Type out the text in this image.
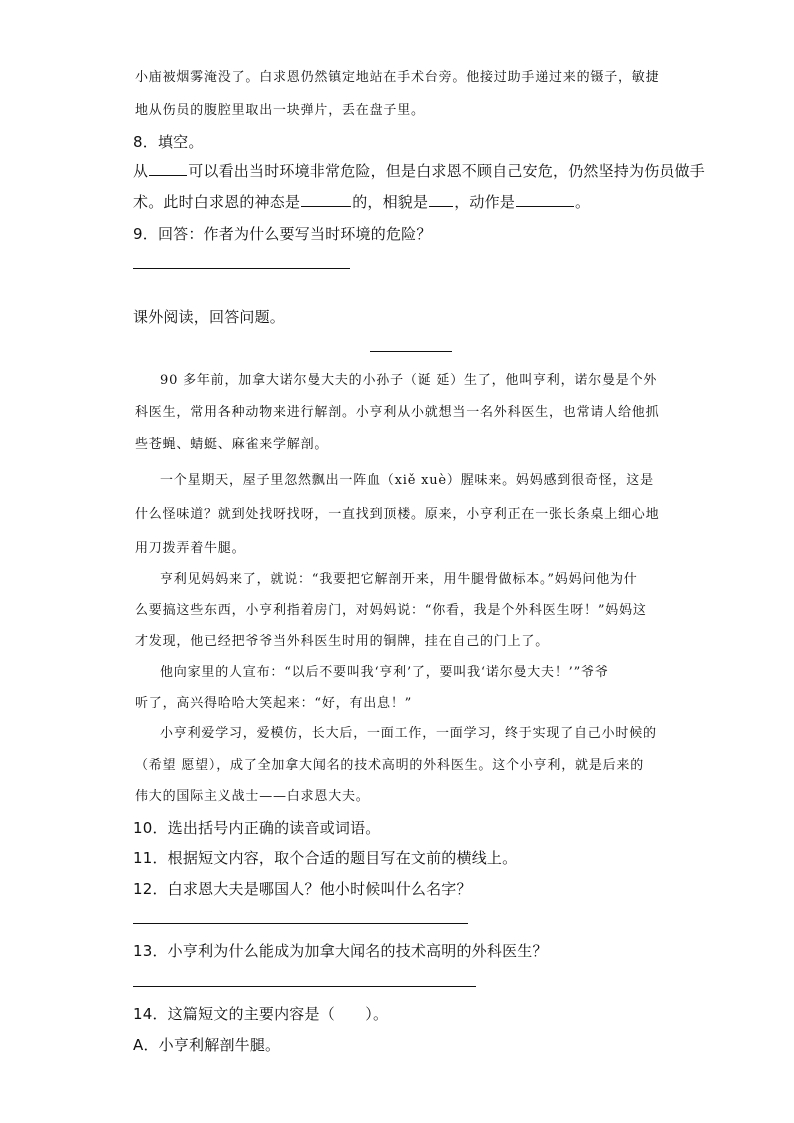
小庙被烟雾淹没了。白求恩仍然镇定地站在手术台旁。他接过助手递过来的镊子，敏捷
地从伤员的腹腔里取出一块弹片，丢在盘子里。
8．填空。
从	可以看出当时环境非常危险，但是白求恩不顾自己安危，仍然坚持为伤员做手
术。此时白求恩的神态是	的，相貌是 ，动作是	。
9．回答：作者为什么要写当时环境的危险？
课外阅读，回答问题。
90 多年前，加拿大诺尔曼大夫的小孙子（诞 延）生了，他叫亨利，诺尔曼是个外
科医生，常用各种动物来进行解剖。小亨利从小就想当一名外科医生，也常请人给他抓
些苍蝇、蜻蜓、麻雀来学解剖。
一个星期天，屋子里忽然飘出一阵血（xiě xuè）腥味来。妈妈感到很奇怪，这是
什么怪味道？就到处找呀找呀，一直找到顶楼。原来，小亨利正在一张长条桌上细心地
用刀拨弄着牛腿。
亨利见妈妈来了，就说：“我要把它解剖开来，用牛腿骨做标本。”妈妈问他为什
么要搞这些东西，小亨利指着房门，对妈妈说：“你看，我是个外科医生呀！”妈妈这
才发现，他已经把爷爷当外科医生时用的铜牌，挂在自己的门上了。
他向家里的人宣布：“以后不要叫我‘亨利’了，要叫我‘诺尔曼大夫！’”爷爷
听了，高兴得哈哈大笑起来：“好，有出息！”
小亨利爱学习，爱模仿，长大后，一面工作，一面学习，终于实现了自己小时候的
（希望 愿望），成了全加拿大闻名的技术高明的外科医生。这个小亨利，就是后来的
伟大的国际主义战士——白求恩大夫。
10．选出括号内正确的读音或词语。
11．根据短文内容，取个合适的题目写在文前的横线上。
12．白求恩大夫是哪国人？他小时候叫什么名字？
13．小亨利为什么能成为加拿大闻名的技术高明的外科医生？
14．这篇短文的主要内容是（　　）。
A．小亨利解剖牛腿。
